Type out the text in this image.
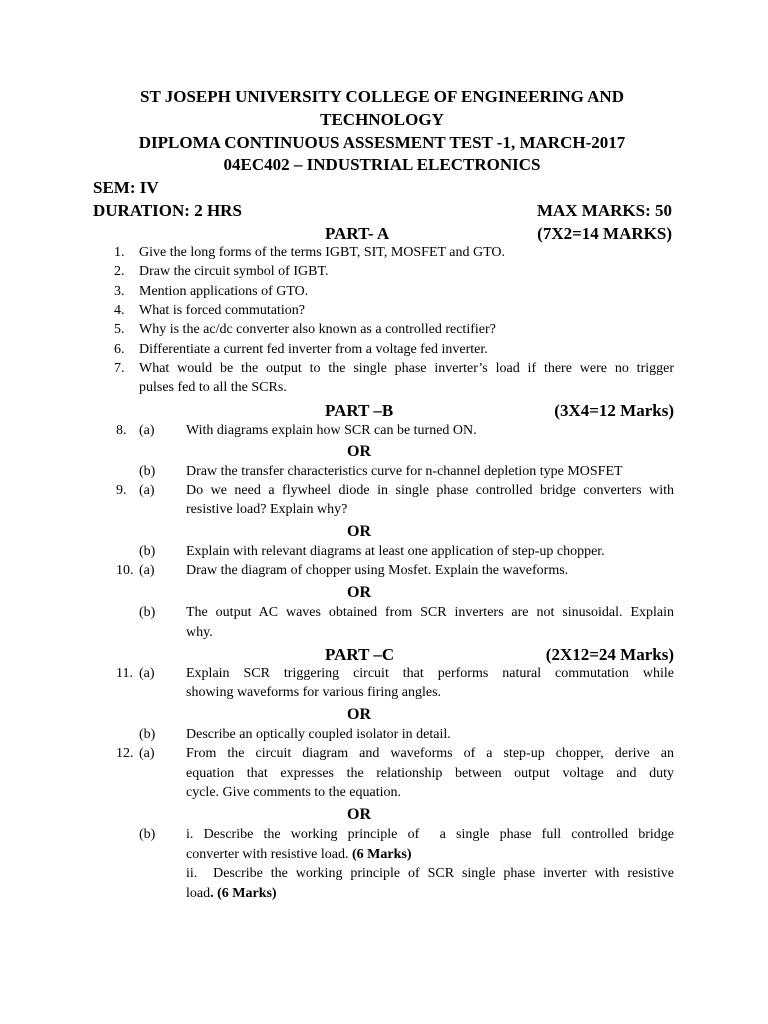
ST JOSEPH UNIVERSITY COLLEGE OF ENGINEERING AND
TECHNOLOGY
DIPLOMA CONTINUOUS ASSESMENT TEST -1, MARCH-2017
04EC402 – INDUSTRIAL ELECTRONICS
SEM: IV
DURATION: 2 HRS	MAX MARKS: 50
PART- A	(7X2=14 MARKS)
1. Give the long forms of the terms IGBT, SIT, MOSFET and GTO.
2. Draw the circuit symbol of IGBT.
3. Mention applications of GTO.
4. What is forced commutation?
5. Why is the ac/dc converter also known as a controlled rectifier?
6. Differentiate a current fed inverter from a voltage fed inverter.
7. What would be the output to the single phase inverter’s load if there were no trigger
pulses fed to all the SCRs.
PART –B	(3X4=12 Marks)
8. (a) With diagrams explain how SCR can be turned ON.
OR
(b) Draw the transfer characteristics curve for n-channel depletion type MOSFET
9. (a) Do we need a flywheel diode in single phase controlled bridge converters with
resistive load? Explain why?
OR
(b) Explain with relevant diagrams at least one application of step-up chopper.
10. (a) Draw the diagram of chopper using Mosfet. Explain the waveforms.
OR
(b) The output AC waves obtained from SCR inverters are not sinusoidal. Explain
why.
PART –C	(2X12=24 Marks)
11. (a) Explain SCR triggering circuit that performs natural commutation while
showing waveforms for various firing angles.
OR
(b) Describe an optically coupled isolator in detail.
12. (a) From the circuit diagram and waveforms of a step-up chopper, derive an
equation that expresses the relationship between output voltage and duty
cycle. Give comments to the equation.
OR
(b) i. Describe the working principle of  a single phase full controlled bridge
converter with resistive load. (6 Marks)
ii.  Describe the working principle of SCR single phase inverter with resistive
load. (6 Marks)
